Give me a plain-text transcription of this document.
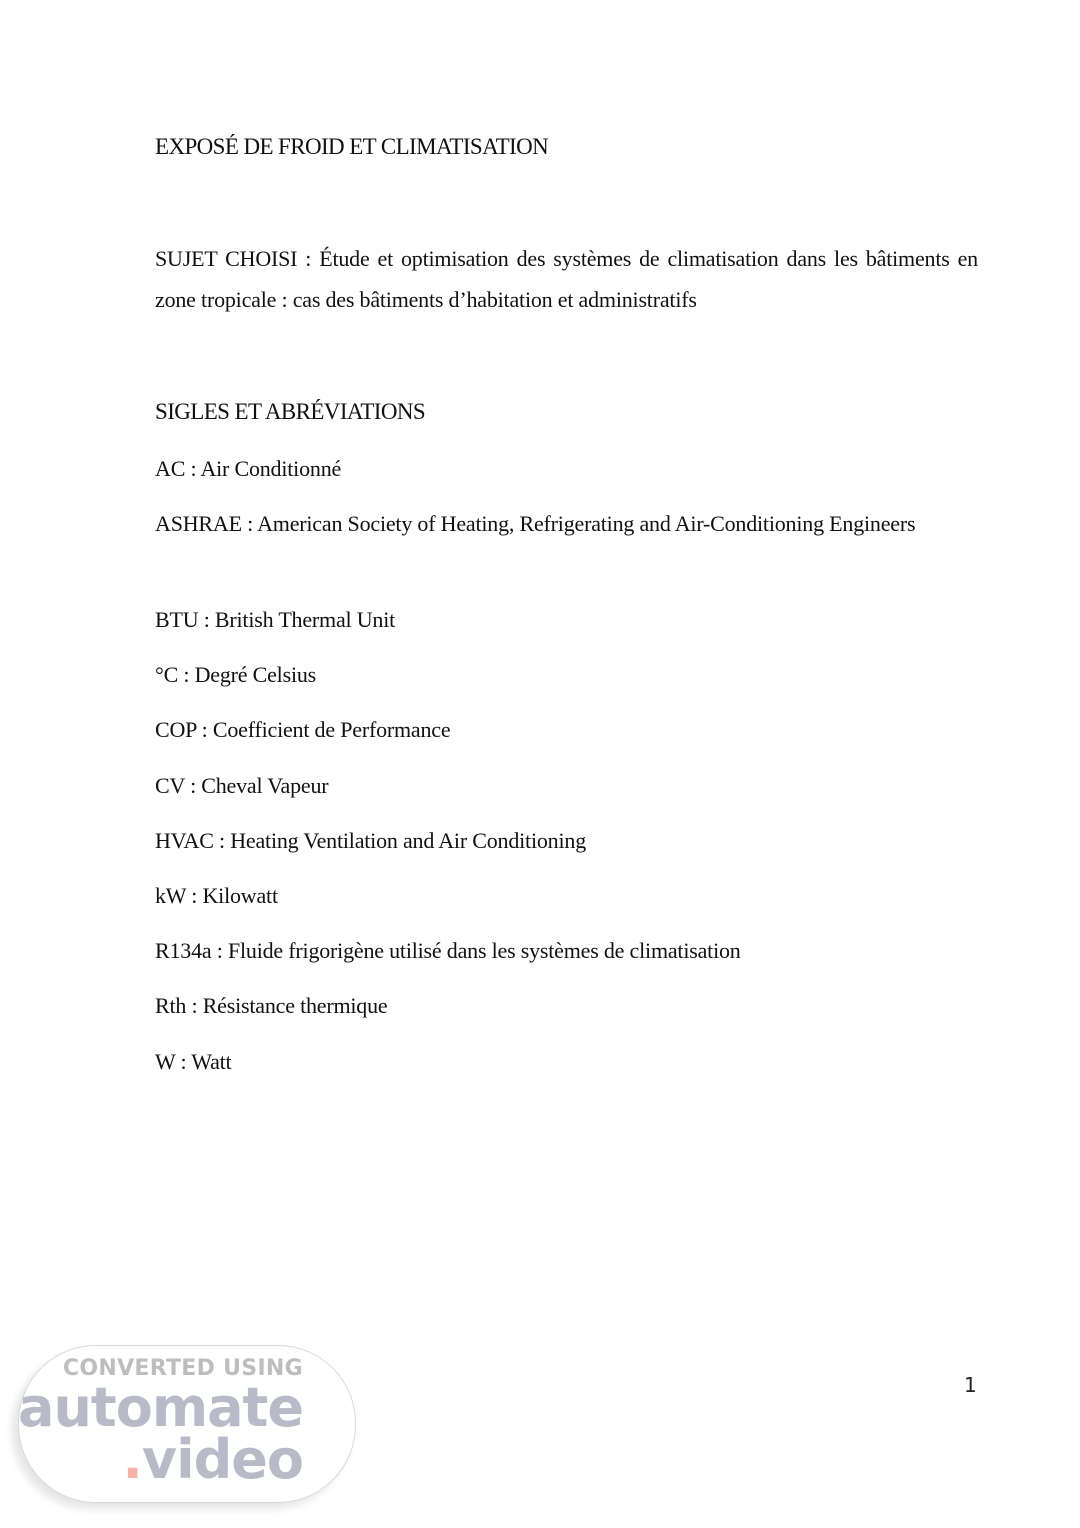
EXPOSÉ DE FROID ET CLIMATISATION
SUJET CHOISI : Étude et optimisation des systèmes de climatisation dans les bâtiments en zone tropicale : cas des bâtiments d’habitation et administratifs
SIGLES ET ABRÉVIATIONS
AC : Air Conditionné
ASHRAE : American Society of Heating, Refrigerating and Air-Conditioning Engineers
BTU : British Thermal Unit
°C : Degré Celsius
COP : Coefficient de Performance
CV : Cheval Vapeur
HVAC : Heating Ventilation and Air Conditioning
kW : Kilowatt
R134a : Fluide frigorigène utilisé dans les systèmes de climatisation
Rth : Résistance thermique
W : Watt
1
CONVERTED USING
automate
.video
